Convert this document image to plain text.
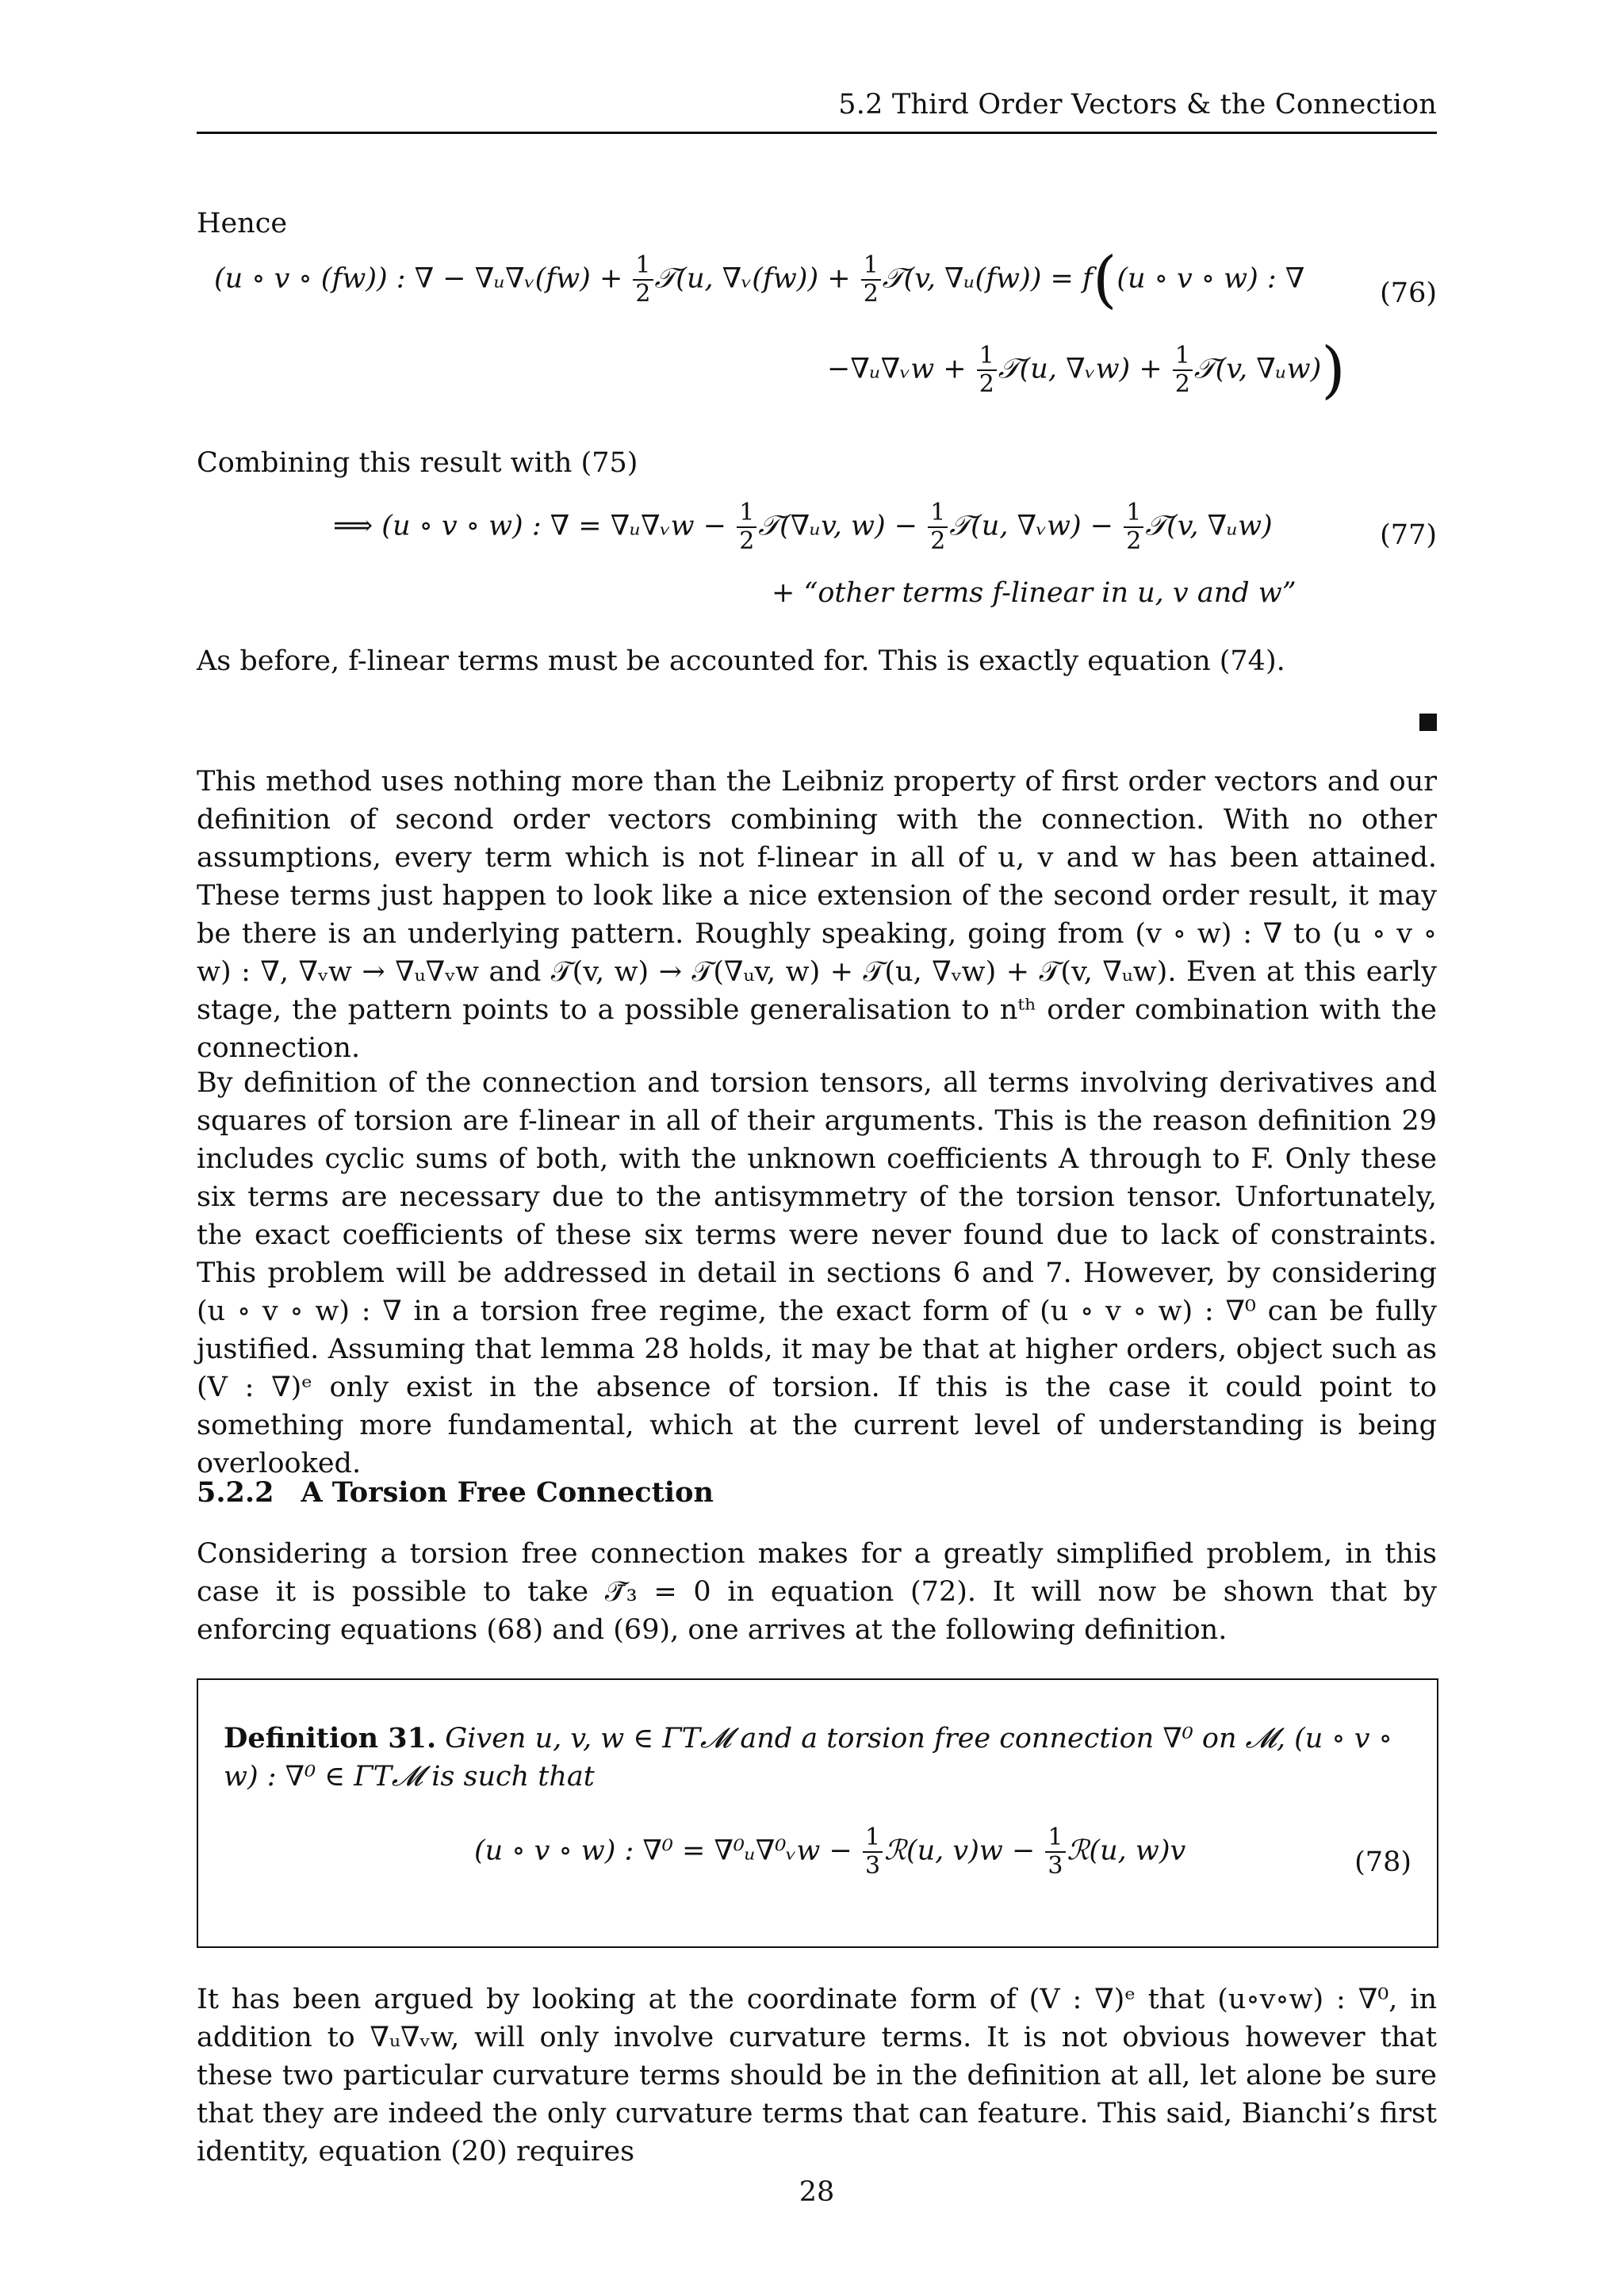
5.2 Third Order Vectors & the Connection
Hence
(u ∘ v ∘ (fw)) : ∇ − ∇ᵤ∇ᵥ(fw) + $\frac{1}{2}$ 𝒯(u, ∇ᵥ(fw)) + $\frac{1}{2}$ 𝒯(v, ∇ᵤ(fw)) = f((u ∘ v ∘ w) : ∇	(76)
−∇ᵤ∇ᵥw + $\frac{1}{2}$ 𝒯(u, ∇ᵥw) + $\frac{1}{2}$ 𝒯(v, ∇ᵤw))
Combining this result with (75)
⟹ (u ∘ v ∘ w) : ∇ = ∇ᵤ∇ᵥw − $\frac{1}{2}$ 𝒯(∇ᵤv, $w) - \frac{1}{2}$ 𝒯(u, ∇ᵥw) − $\frac{1}{2}$ 𝒯(v, ∇ᵤw)	(77)
+ “other terms f-linear in u, v and w”
As before, f-linear terms must be accounted for. This is exactly equation (74).
This method uses nothing more than the Leibniz property of first order vectors and our definition of second order vectors combining with the connection. With no other assumptions, every term which is not f-linear in all of u, v and w has been attained. These terms just happen to look like a nice extension of the second order result, it may be there is an underlying pattern. Roughly speaking, going from (v ∘ w) : ∇ to (u ∘ v ∘ w) : ∇, ∇ᵥw → ∇ᵤ∇ᵥw and 𝒯(v, w) → 𝒯(∇ᵤv, w) + 𝒯(u, ∇ᵥw) + 𝒯(v, ∇ᵤw). Even at this early stage, the pattern points to a possible generalisation to nᵗʰ order combination with the connection.
By definition of the connection and torsion tensors, all terms involving derivatives and squares of torsion are f-linear in all of their arguments. This is the reason definition 29 includes cyclic sums of both, with the unknown coefficients A through to F. Only these six terms are necessary due to the antisymmetry of the torsion tensor. Unfortunately, the exact coefficients of these six terms were never found due to lack of constraints. This problem will be addressed in detail in sections 6 and 7. However, by considering (u ∘ v ∘ w) : ∇ in a torsion free regime, the exact form of (u ∘ v ∘ w) : ∇⁰ can be fully justified. Assuming that lemma 28 holds, it may be that at higher orders, object such as (V : ∇)ᵉ only exist in the absence of torsion. If this is the case it could point to something more fundamental, which at the current level of understanding is being overlooked.
5.2.2 A Torsion Free Connection
Considering a torsion free connection makes for a greatly simplified problem, in this case it is possible to take 𝒯̄₃ = 0 in equation (72). It will now be shown that by enforcing equations (68) and (69), one arrives at the following definition.
Definition 31. Given u, v, w ∈ ΓT𝓜 and a torsion free connection ∇⁰ on 𝓜, (u ∘ v ∘ w) : ∇⁰ ∈ ΓT𝓜 is such that
(u ∘ v ∘ w) : ∇⁰ = ∇⁰ᵤ∇⁰ᵥw − $\frac{1}{3}$ ℛ(u, $v)w - \frac{1}{3}$ ℛ(u, w)v	(78)
It has been argued by looking at the coordinate form of (V : ∇)ᵉ that (u∘v∘w) : ∇⁰, in addition to ∇ᵤ∇ᵥw, will only involve curvature terms. It is not obvious however that these two particular curvature terms should be in the definition at all, let alone be sure that they are indeed the only curvature terms that can feature. This said, Bianchi’s first identity, equation (20) requires
28
